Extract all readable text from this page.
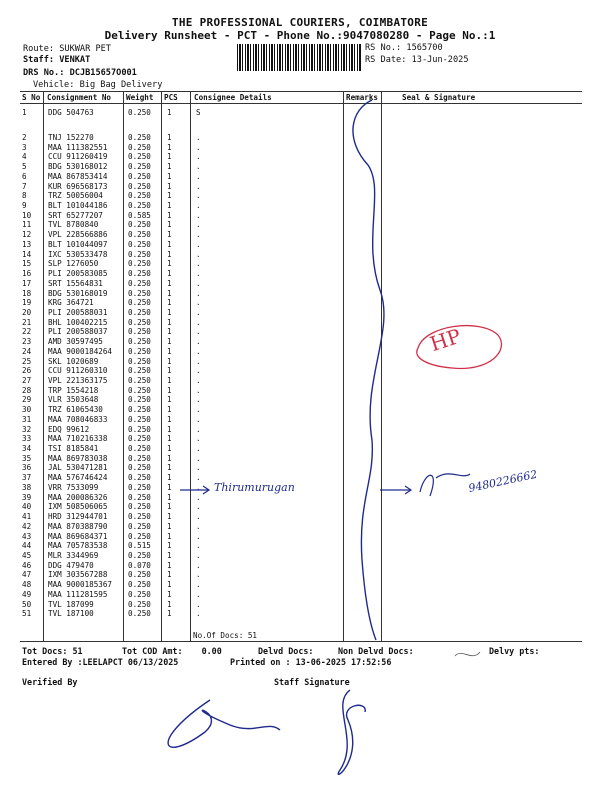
THE PROFESSIONAL COURIERS, COIMBATORE
Delivery Runsheet - PCT - Phone No.:9047080280 - Page No.:1
Route: SUKWAR PET
Staff: VENKAT
DRS No.: DCJB15657O001
Vehicle: Big Bag Delivery
RS No.: 1565700
RS Date: 13-Jun-2025
S No Consignment No Weight PCS Consignee Details	Remarks	Seal & Signature
1	DDG 504763	0.250 1	S
2	TNJ 152270	0.250 1	.
3	MAA 111382551	0.250 1	.
4	CCU 911260419	0.250 1	.
5	BDG 530168012	0.250 1	.
6	MAA 867853414	0.250 1	.
7	KUR 696568173	0.250 1	.
8	TRZ 50056004	0.250 1	.
9	BLT 101044186	0.250 1	.
10 SRT 65277207	0.585 1	.
11 TVL 8780840	0.250 1	.
12 VPL 228566886	0.250 1	.
13 BLT 101044097	0.250 1	.
14 IXC 530533478	0.250 1	.
15 SLP 1276050	0.250 1	.
16 PLI 200583085	0.250 1	.
17 SRT 15564831	0.250 1	.
18 BDG 530168019	0.250 1	.
19 KRG 364721	0.250 1	.
20 PLI 200588031	0.250 1	.
21 BHL 100402215	0.250 1	.
22 PLI 200588037	0.250 1	.
23 AMD 30597495	0.250 1	.
24 MAA 9000184264 0.250 1	.
25 SKL 1020689	0.250 1	.
26 CCU 911260310	0.250 1	.
27 VPL 221363175	0.250 1	.
28 TRP 1554218	0.250 1	.
29 VLR 3503648	0.250 1	.
30 TRZ 61065430	0.250 1	.
31 MAA 708046833	0.250 1	.
32 EDQ 99612	0.250 1	.
33 MAA 710216338	0.250 1	.
34 TSI 8185841	0.250 1	.
35 MAA 869783038	0.250 1	.
36 JAL 530471281	0.250 1	.
37 MAA 576746424	0.250 1	.
38 VRR 7533099	0.250 1	.
39 MAA 200086326	0.250 1	.
40 IXM 508506065	0.250 1	.
41 HRD 312944701	0.250 1	.
42 MAA 870388790	0.250 1	.
43 MAA 869684371	0.250 1	.
44 MAA 705783538	0.515 1	.
45 MLR 3344969	0.250 1	.
46 DDG 479470	0.070 1	.
47 IXM 303567288	0.250 1	.
48 MAA 9000185367 0.250 1	.
49 MAA 111281595	0.250 1	.
50 TVL 187099	0.250 1	.
51 TVL 187100	0.250 1	.
No.Of Docs: 51
Thirumurugan	9480226662
HP
Tot Docs: 51	Tot COD Amt: 0.00	Delvd Docs:	Non Delvd Docs:	Delvy pts:
Entered By :LEELAPCT 06/13/2025	Printed on : 13-06-2025 17:52:56
Verified By	Staff Signature
